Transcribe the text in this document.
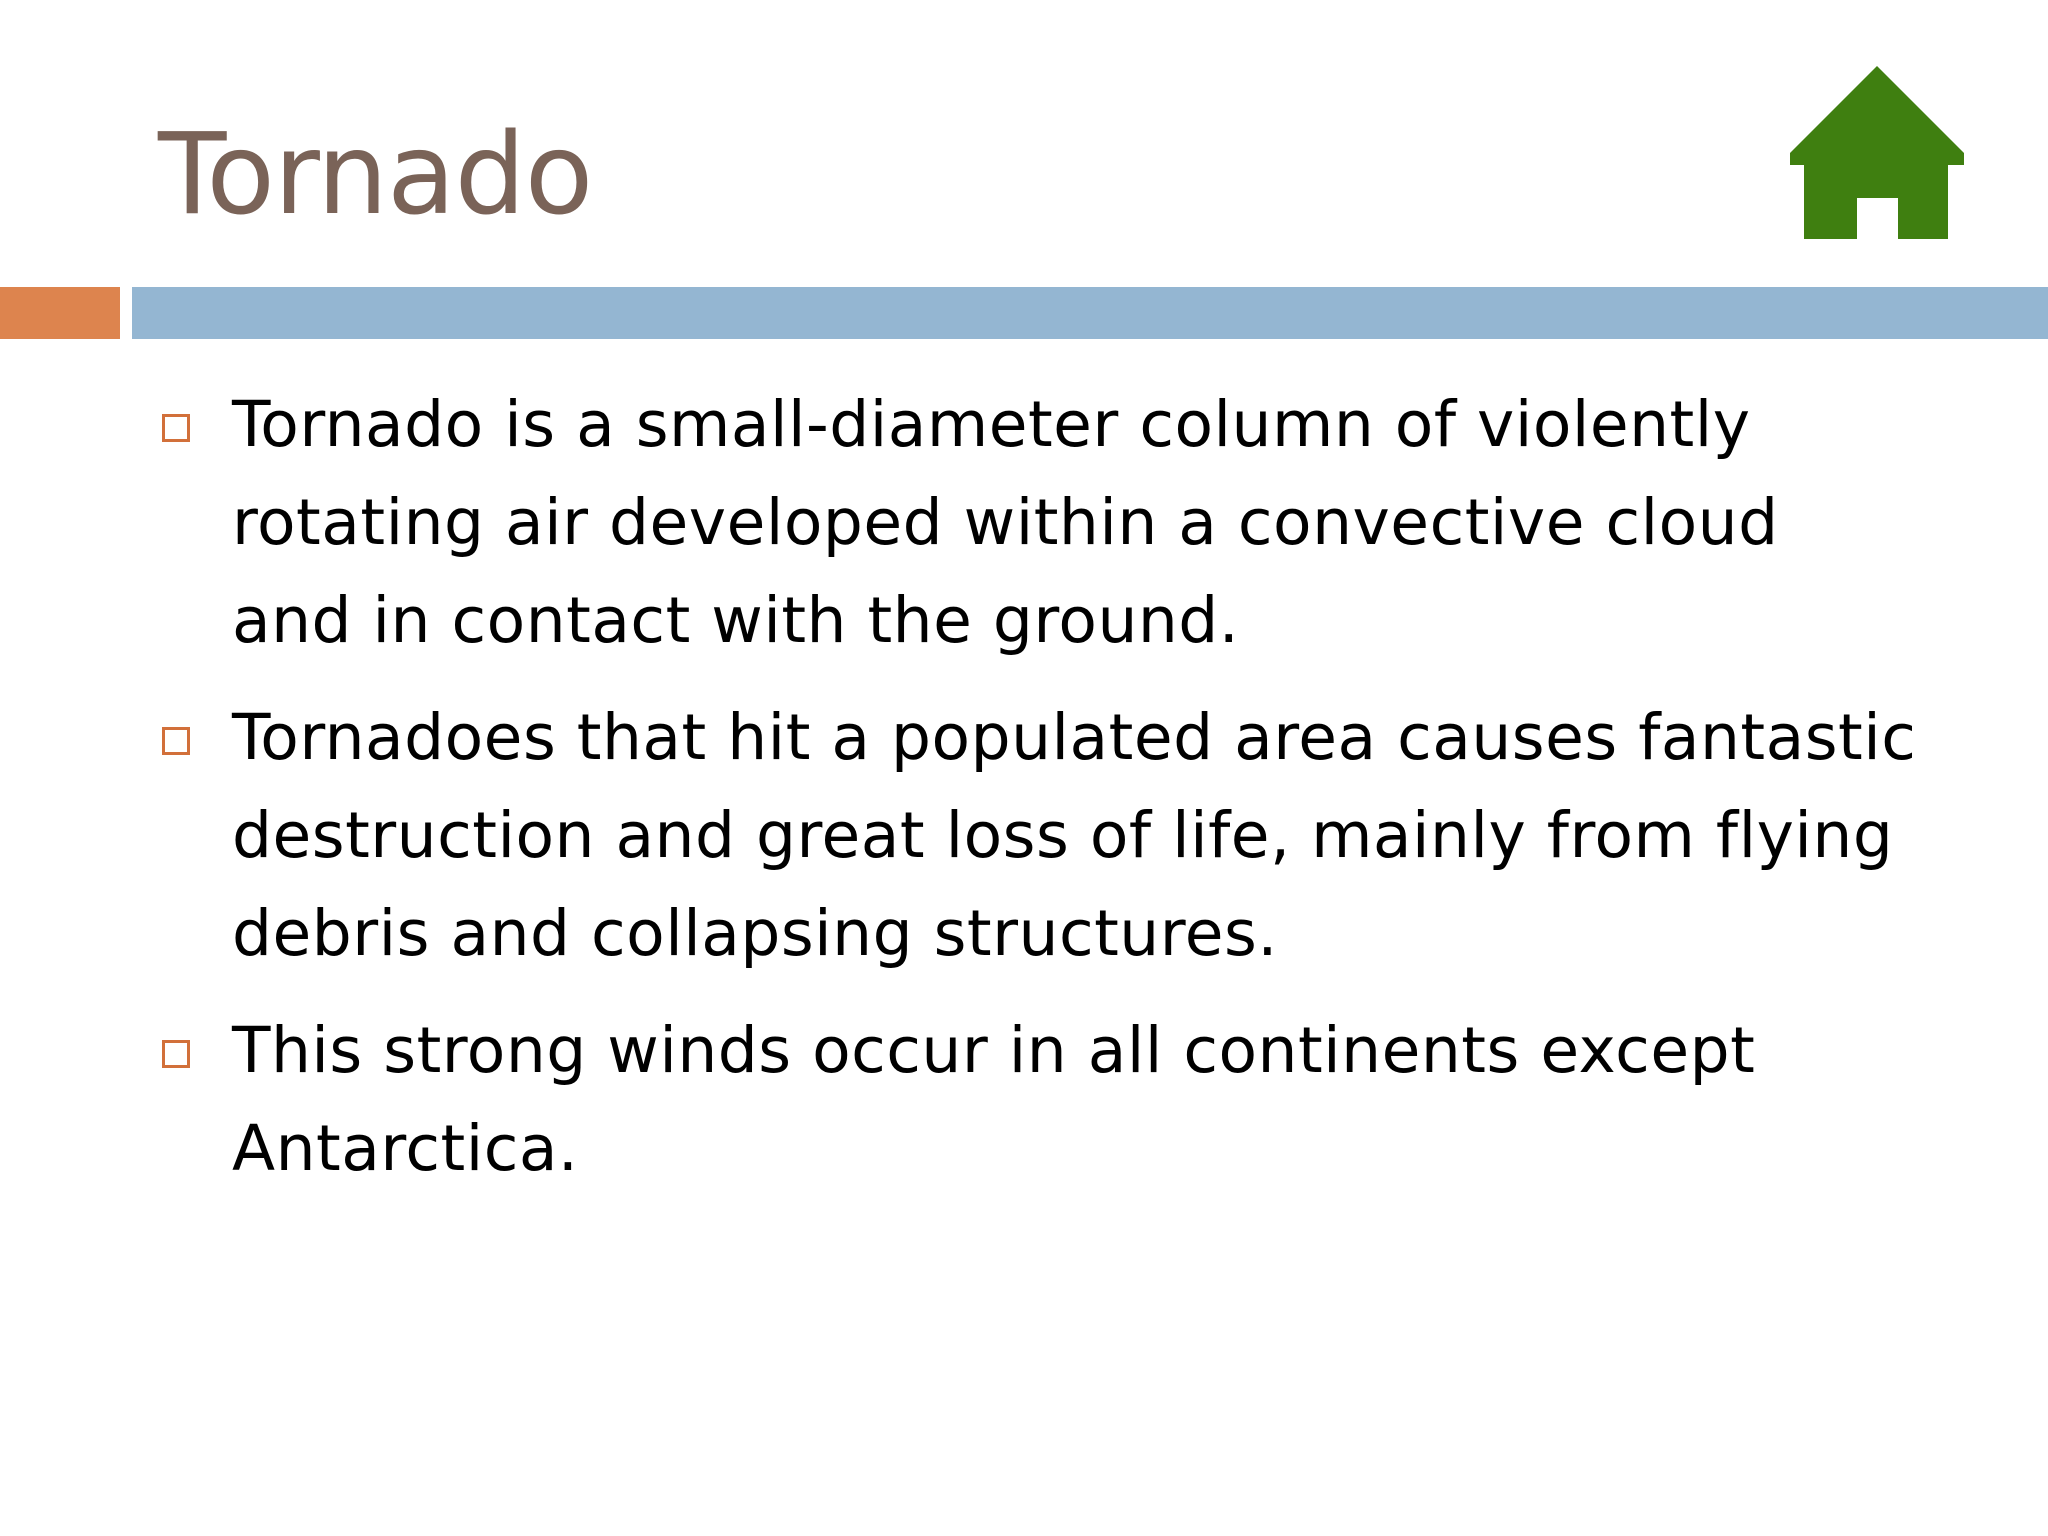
Tornado
Tornado is a small-diameter column of violently rotating air developed within a convective cloud and in contact with the ground.
Tornadoes that hit a populated area causes fantastic destruction and great loss of life, mainly from flying debris and collapsing structures.
This strong winds occur in all continents except Antarctica.
